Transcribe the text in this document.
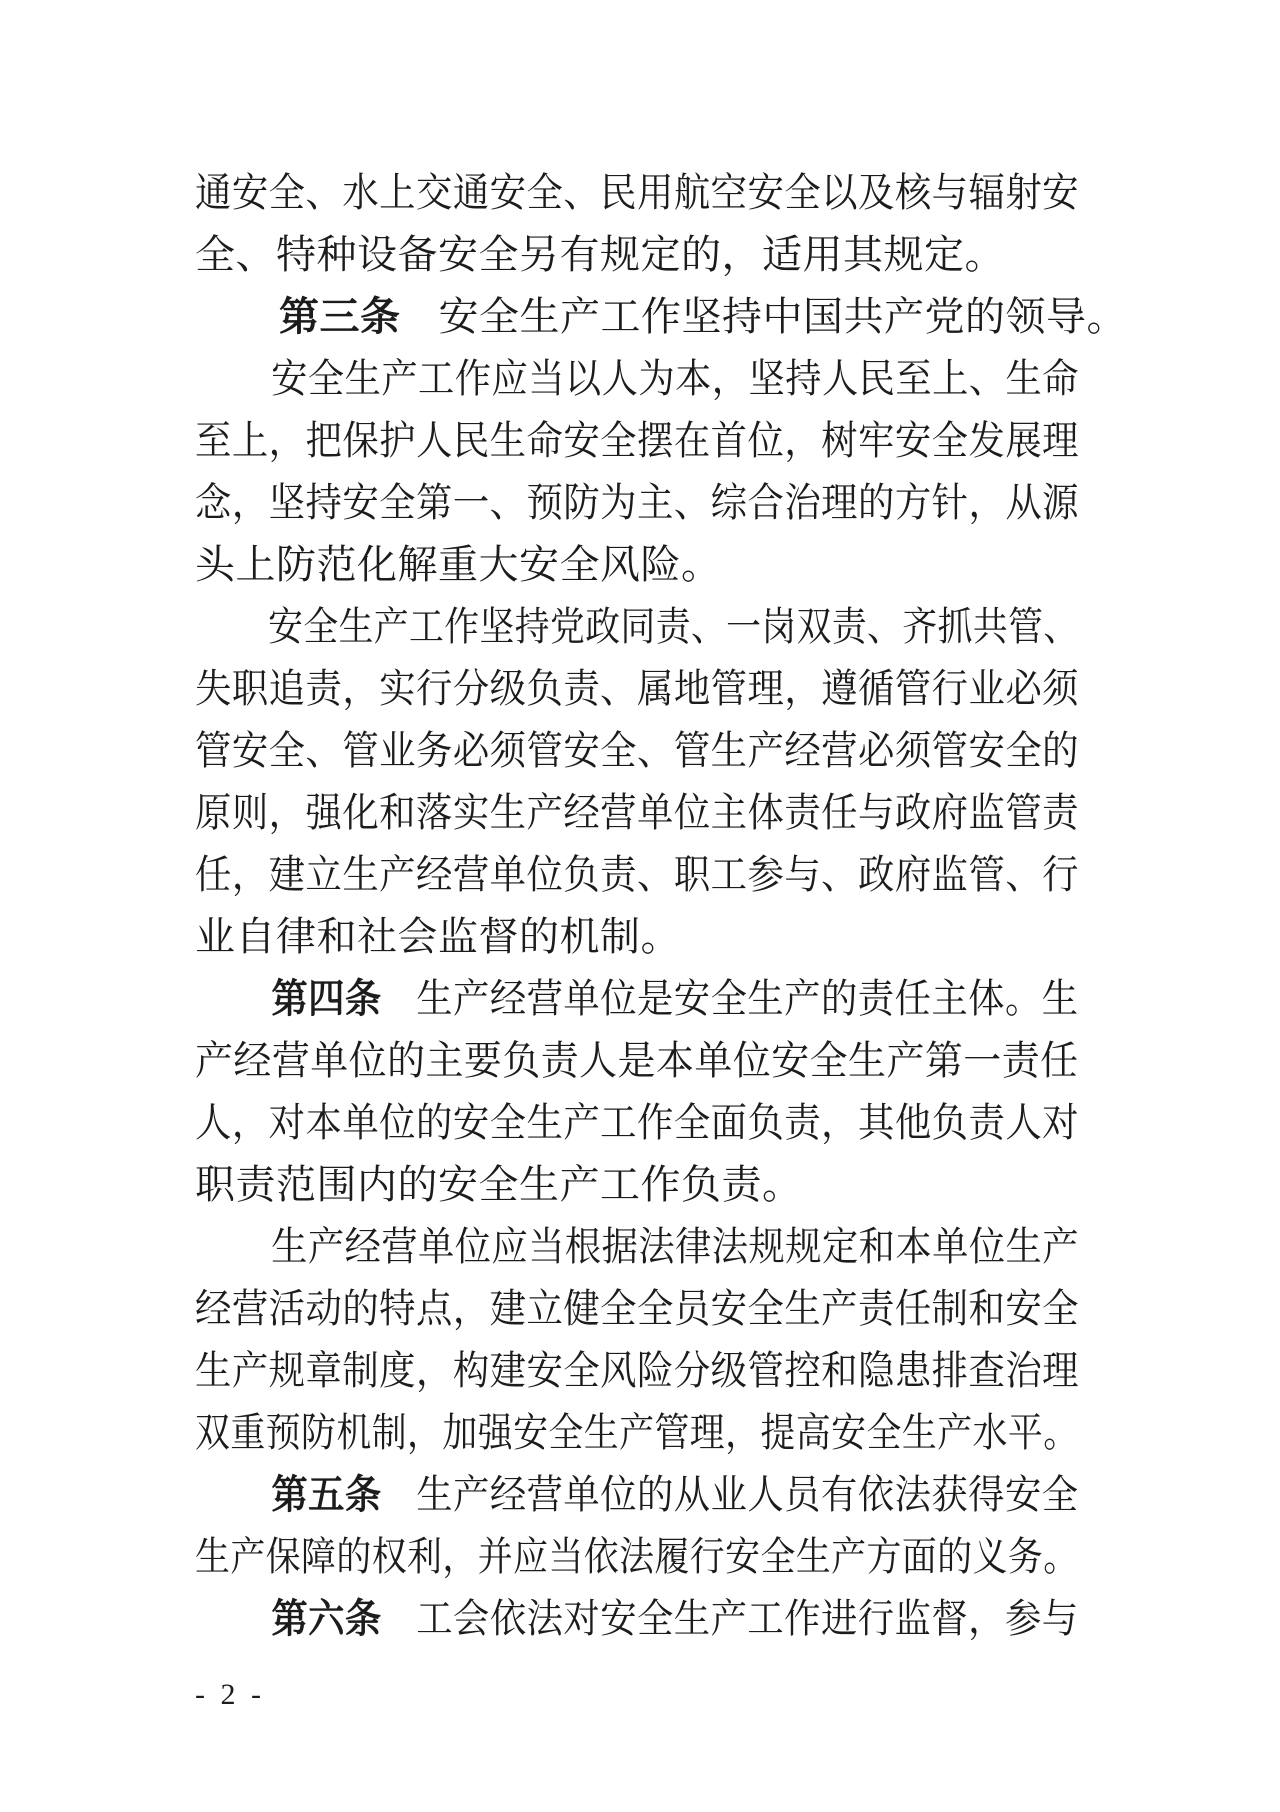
通安全、水上交通安全、民用航空安全以及核与辐射安
全、特种设备安全另有规定的，适用其规定。
第三条 安全生产工作坚持中国共产党的领导。
安全生产工作应当以人为本，坚持人民至上、生命
至上，把保护人民生命安全摆在首位，树牢安全发展理
念，坚持安全第一、预防为主、综合治理的方针，从源
头上防范化解重大安全风险。
安全生产工作坚持党政同责、一岗双责、齐抓共管、
失职追责，实行分级负责、属地管理，遵循管行业必须
管安全、管业务必须管安全、管生产经营必须管安全的
原则，强化和落实生产经营单位主体责任与政府监管责
任，建立生产经营单位负责、职工参与、政府监管、行
业自律和社会监督的机制。
第四条 生产经营单位是安全生产的责任主体。生
产经营单位的主要负责人是本单位安全生产第一责任
人，对本单位的安全生产工作全面负责，其他负责人对
职责范围内的安全生产工作负责。
生产经营单位应当根据法律法规规定和本单位生产
经营活动的特点，建立健全全员安全生产责任制和安全
生产规章制度，构建安全风险分级管控和隐患排查治理
双重预防机制，加强安全生产管理，提高安全生产水平。
第五条 生产经营单位的从业人员有依法获得安全
生产保障的权利，并应当依法履行安全生产方面的义务。
第六条 工会依法对安全生产工作进行监督，参与
- 2 -
